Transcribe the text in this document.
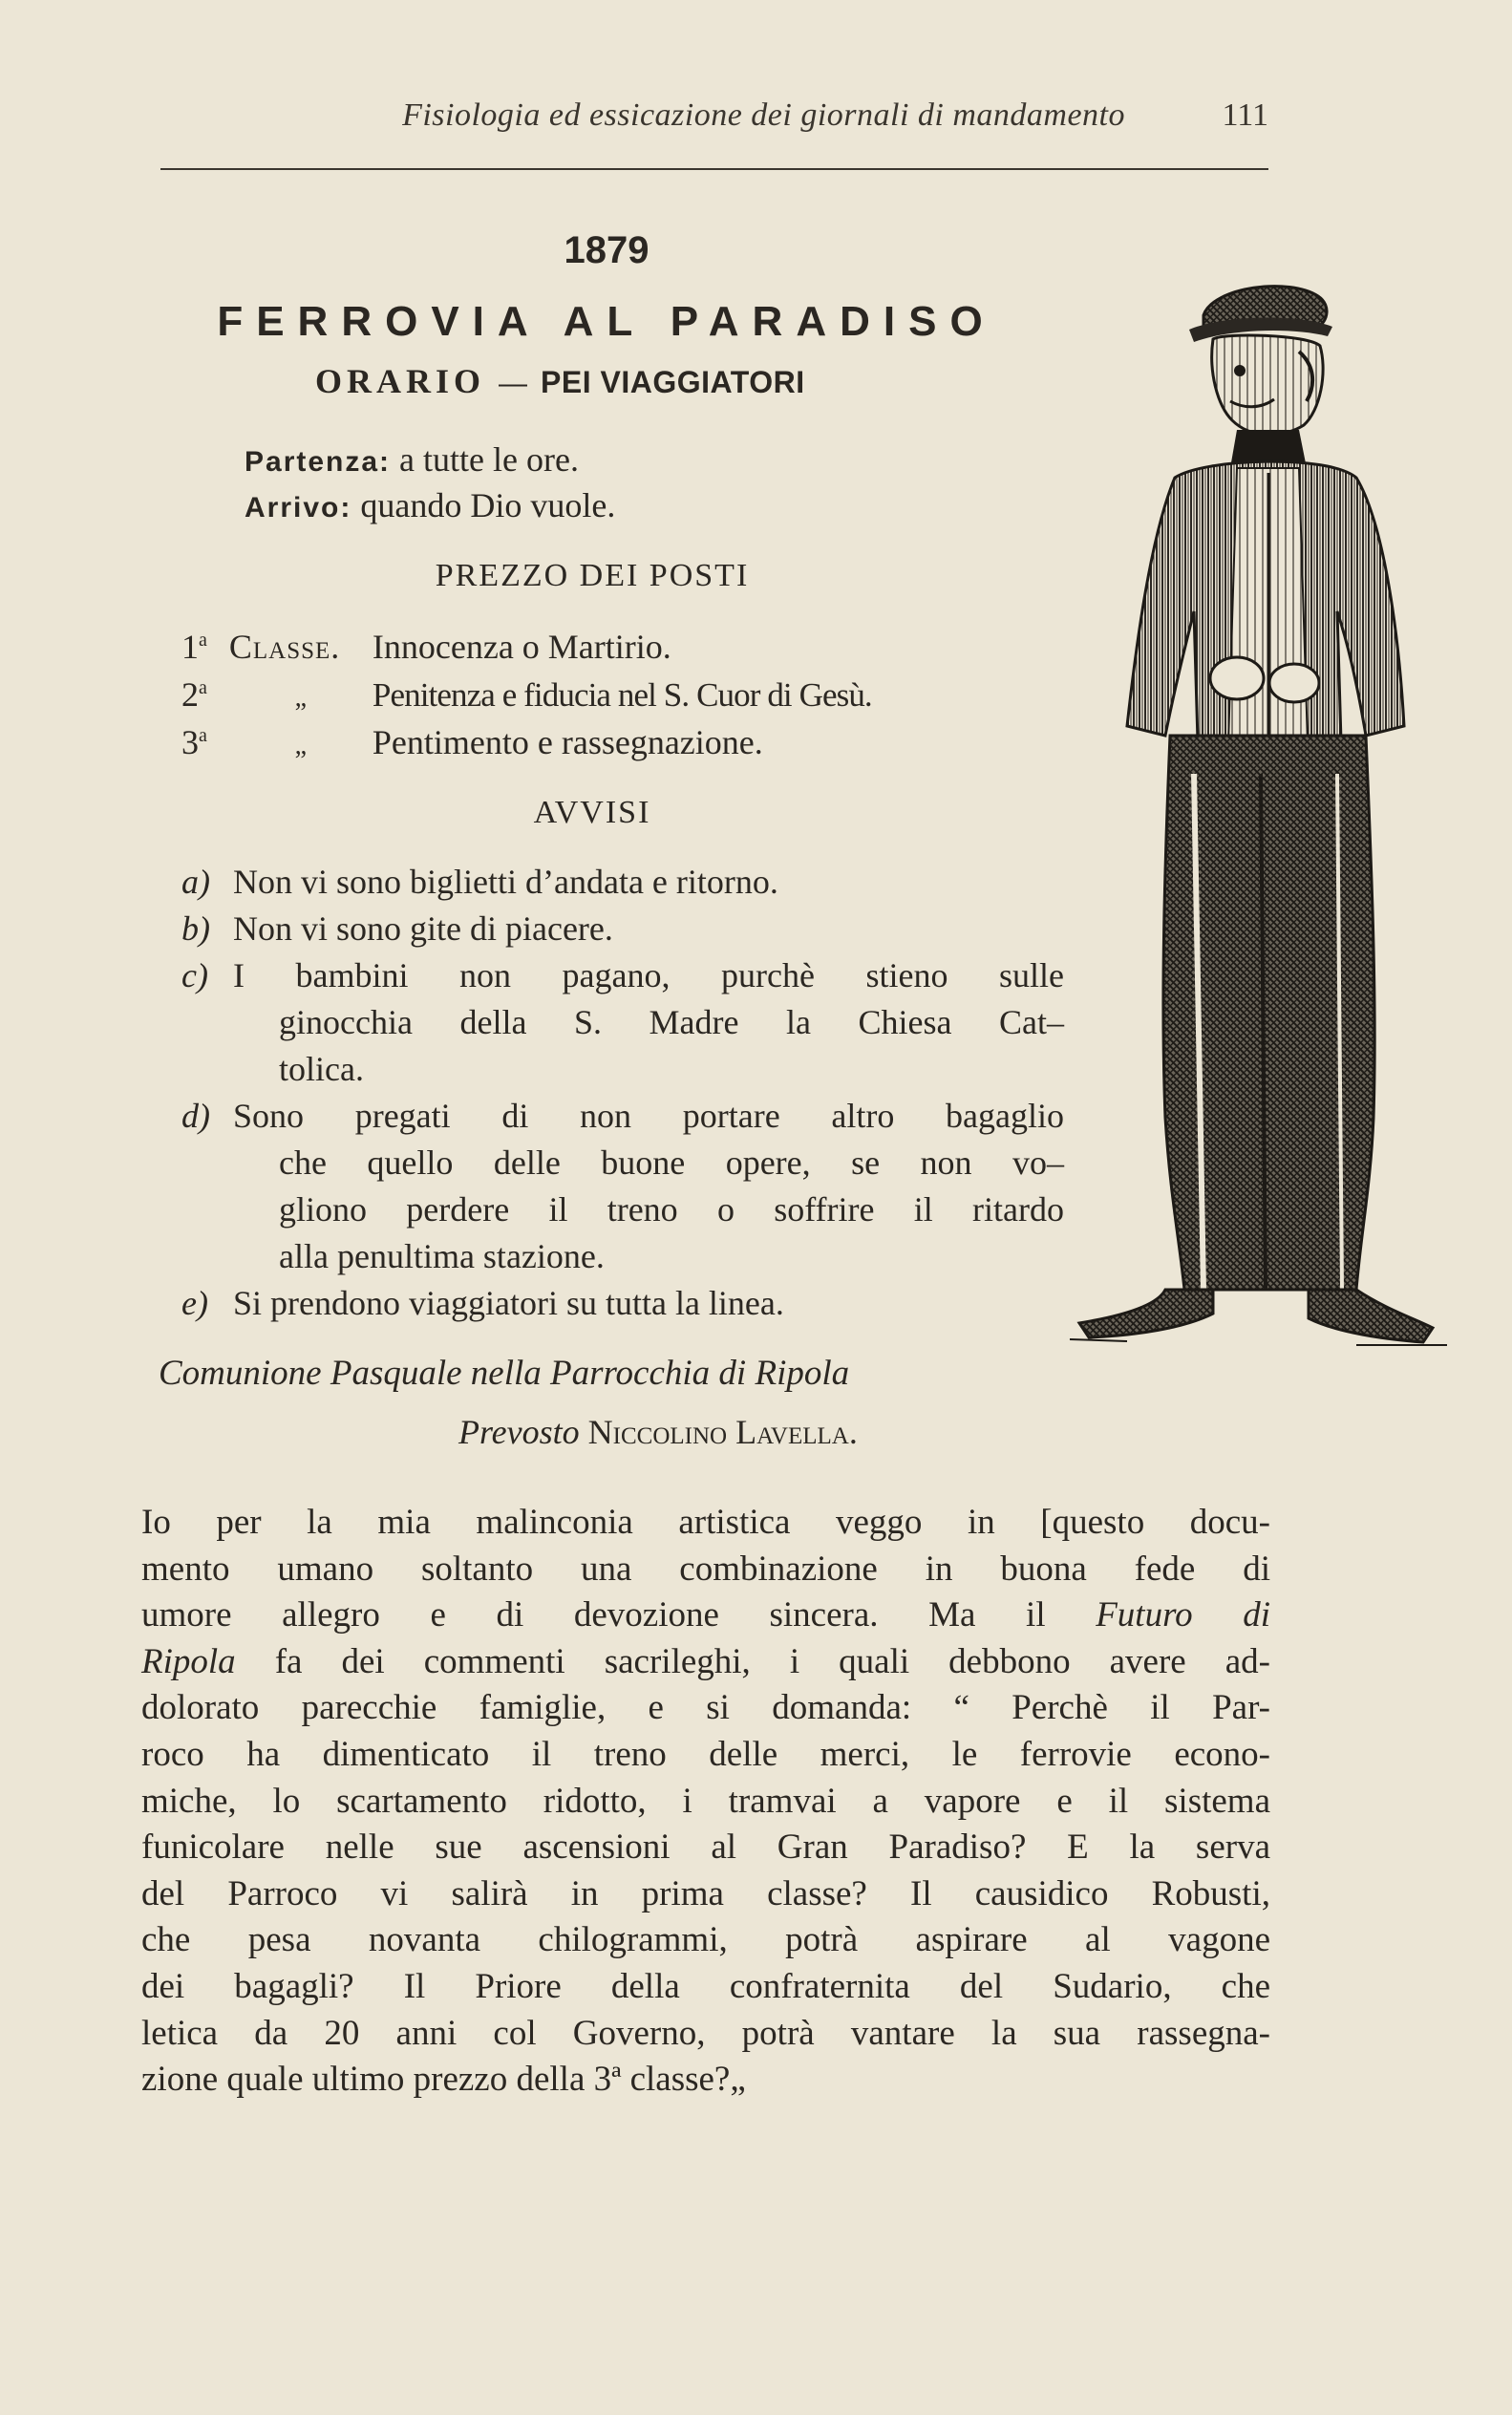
Fisiologia ed essicazione dei giornali di mandamento	111
1879
FERROVIA AL PARADISO
ORARIO — PEI VIAGGIATORI
Partenza: a tutte le ore.
Arrivo: quando Dio vuole.
PREZZO DEI POSTI
1$^a$ Classe. Innocenza o Martirio.
2$^a$	„ Penitenza e fiducia nel S. Cuor di Gesù.
3$^a$	„ Pentimento e rassegnazione.
AVVISI
a) Non vi sono biglietti d’andata e ritorno.
b) Non vi sono gite di piacere.
c) I bambini non pagano, purchè stieno sulle
ginocchia della S. Madre la Chiesa Cat–
tolica.
d) Sono pregati di non portare altro bagaglio
che quello delle buone opere, se non vo–
gliono perdere il treno o soffrire il ritardo
alla penultima stazione.
e) Si prendono viaggiatori su tutta la linea.
Comunione Pasquale nella Parrocchia di Ripola
Prevosto Niccolino Lavella.
Io per la mia malinconia artistica veggo in [questo docu-
mento umano soltanto una combinazione in buona fede di
umore allegro e di devozione sincera. Ma il Futuro di
Ripola fa dei commenti sacrileghi, i quali debbono avere ad-
dolorato parecchie famiglie, e si domanda: “ Perchè il Par-
roco ha dimenticato il treno delle merci, le ferrovie econo-
miche, lo scartamento ridotto, i tramvai a vapore e il sistema
funicolare nelle sue ascensioni al Gran Paradiso? E la serva
del Parroco vi salirà in prima classe? Il causidico Robusti,
che pesa novanta chilogrammi, potrà aspirare al vagone
dei bagagli? Il Priore della confraternita del Sudario, che
letica da 20 anni col Governo, potrà vantare la sua rassegna-
zione quale ultimo prezzo della 3ª classe?„
